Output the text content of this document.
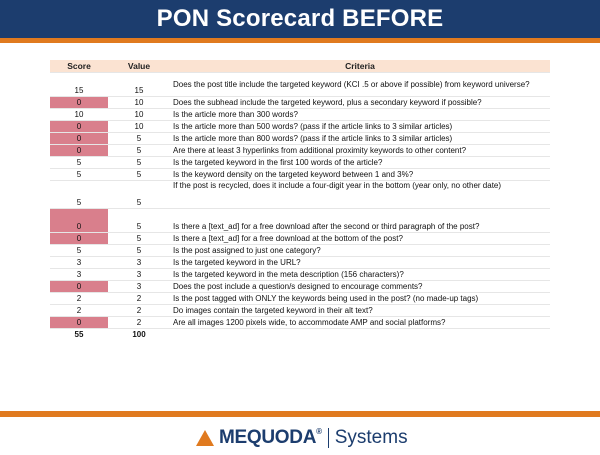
PON Scorecard BEFORE
Score	Value	Criteria
15	15	Does the post title include the targeted keyword (KCI .5 or above if possible) from keyword universe?
0	10	Does the subhead include the targeted keyword, plus a secondary keyword if possible?
10	10	Is the article more than 300 words?
0	10	Is the article more than 500 words? (pass if the article links to 3 similar articles)
0	5	Is the article more than 800 words? (pass if the article links to 3 similar articles)
0	5	Are there at least 3 hyperlinks from additional proximity keywords to other content?
5	5	Is the targeted keyword in the first 100 words of the article?
5	5	Is the keyword density on the targeted keyword between 1 and 3%?
5	5	If the post is recycled, does it include a four-digit year in the bottom (year only, no other date)
0	5	Is there a [text_ad] for a free download after the second or third paragraph of the post?
0	5	Is there a [text_ad] for a free download at the bottom of the post?
5	5	Is the post assigned to just one category?
3	3	Is the targeted keyword in the URL?
3	3	Is the targeted keyword in the meta description (156 characters)?
0	3	Does the post include a question/s designed to encourage comments?
2	2	Is the post tagged with ONLY the keywords being used in the post? (no made-up tags)
2	2	Do images contain the targeted keyword in their alt text?
0	2	Are all images 1200 pixels wide, to accommodate AMP and social platforms?
55	100	
MEQUODA® Systems
